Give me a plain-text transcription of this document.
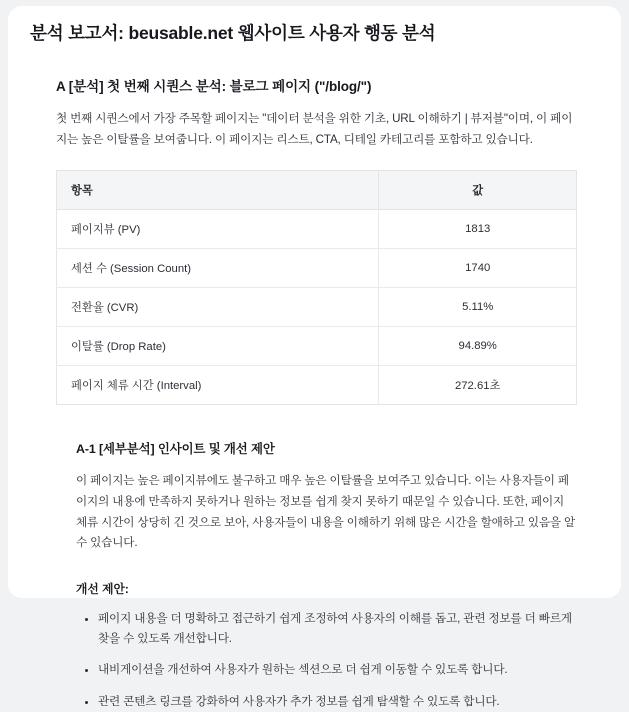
분석 보고서: beusable.net 웹사이트 사용자 행동 분석
A [분석] 첫 번째 시퀀스 분석: 블로그 페이지 ("/blog/")

첫 번째 시퀀스에서 가장 주목할 페이지는 "데이터 분석을 위한 기초, URL 이해하기 | 뷰저블"이며, 이 페이지는 높은 이탈률을 보여줍니다. 이 페이지는 리스트, CTA, 디테일 카테고리를 포함하고 있습니다.

항목	값
페이지뷰 (PV)	1813
세션 수 (Session Count)	1740
전환율 (CVR)	5.11%
이탈률 (Drop Rate)	94.89%
페이지 체류 시간 (Interval)	272.61초
A-1 [세부분석] 인사이트 및 개선 제안

이 페이지는 높은 페이지뷰에도 불구하고 매우 높은 이탈률을 보여주고 있습니다. 이는 사용자들이 페이지의 내용에 만족하지 못하거나 원하는 정보를 쉽게 찾지 못하기 때문일 수 있습니다. 또한, 페이지 체류 시간이 상당히 긴 것으로 보아, 사용자들이 내용을 이해하기 위해 많은 시간을 할애하고 있음을 알 수 있습니다.

개선 제안:
• 페이지 내용을 더 명확하고 접근하기 쉽게 조정하여 사용자의 이해를 돕고, 관련 정보를 더 빠르게 찾을 수 있도록 개선합니다.
• 내비게이션을 개선하여 사용자가 원하는 섹션으로 더 쉽게 이동할 수 있도록 합니다.
• 관련 콘텐츠 링크를 강화하여 사용자가 추가 정보를 쉽게 탐색할 수 있도록 합니다.
